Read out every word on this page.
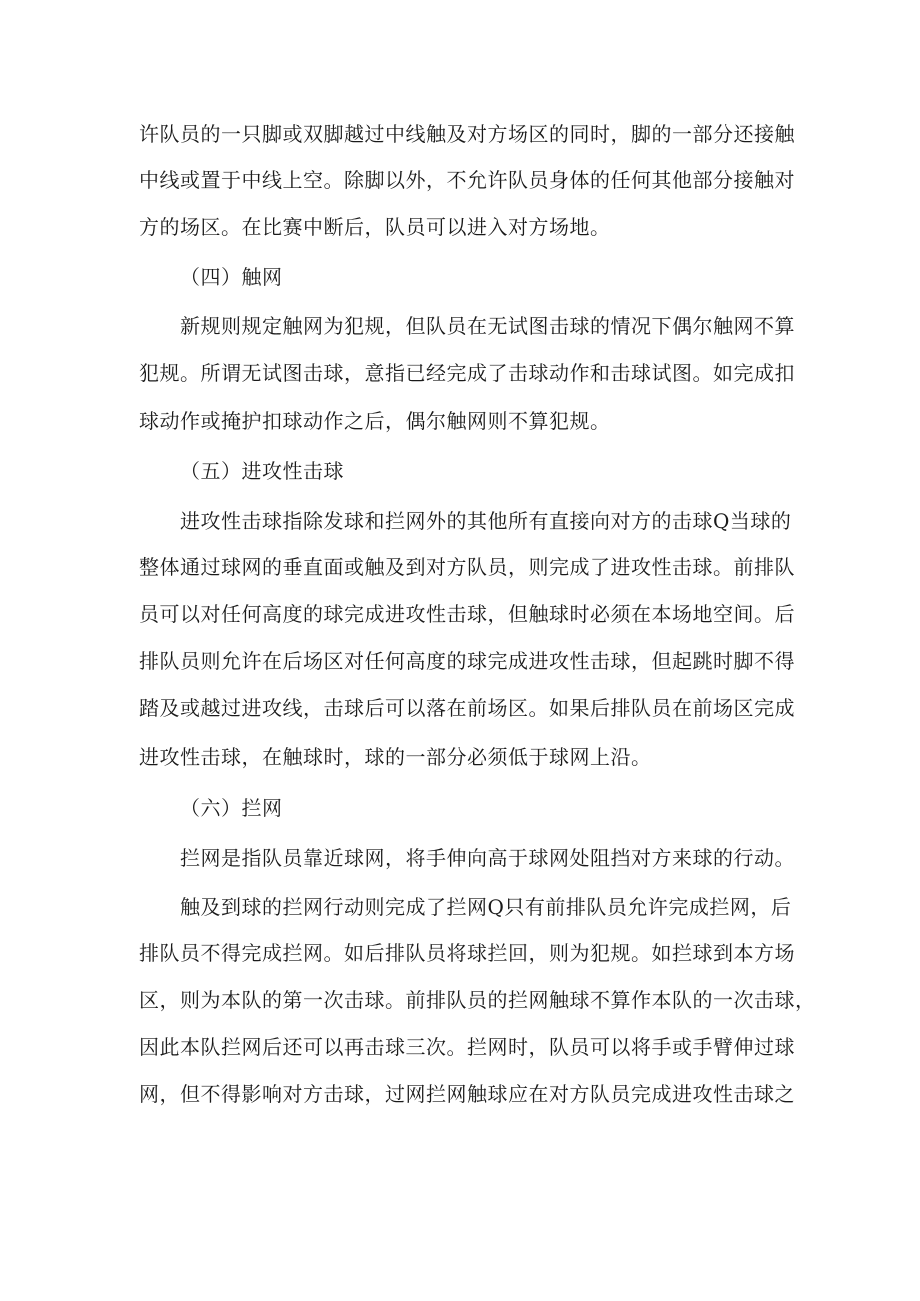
许队员的一只脚或双脚越过中线触及对方场区的同时，脚的一部分还接触
中线或置于中线上空。除脚以外，不允许队员身体的任何其他部分接触对
方的场区。在比赛中断后，队员可以进入对方场地。
（四）触网
新规则规定触网为犯规，但队员在无试图击球的情况下偶尔触网不算
犯规。所谓无试图击球，意指已经完成了击球动作和击球试图。如完成扣
球动作或掩护扣球动作之后，偶尔触网则不算犯规。
（五）进攻性击球
进攻性击球指除发球和拦网外的其他所有直接向对方的击球Q当球的
整体通过球网的垂直面或触及到对方队员，则完成了进攻性击球。前排队
员可以对任何高度的球完成进攻性击球，但触球时必须在本场地空间。后
排队员则允许在后场区对任何高度的球完成进攻性击球，但起跳时脚不得
踏及或越过进攻线，击球后可以落在前场区。如果后排队员在前场区完成
进攻性击球，在触球时，球的一部分必须低于球网上沿。
（六）拦网
拦网是指队员靠近球网，将手伸向高于球网处阻挡对方来球的行动。
触及到球的拦网行动则完成了拦网Q只有前排队员允许完成拦网，后
排队员不得完成拦网。如后排队员将球拦回，则为犯规。如拦球到本方场
区，则为本队的第一次击球。前排队员的拦网触球不算作本队的一次击球，
因此本队拦网后还可以再击球三次。拦网时，队员可以将手或手臂伸过球
网，但不得影响对方击球，过网拦网触球应在对方队员完成进攻性击球之
